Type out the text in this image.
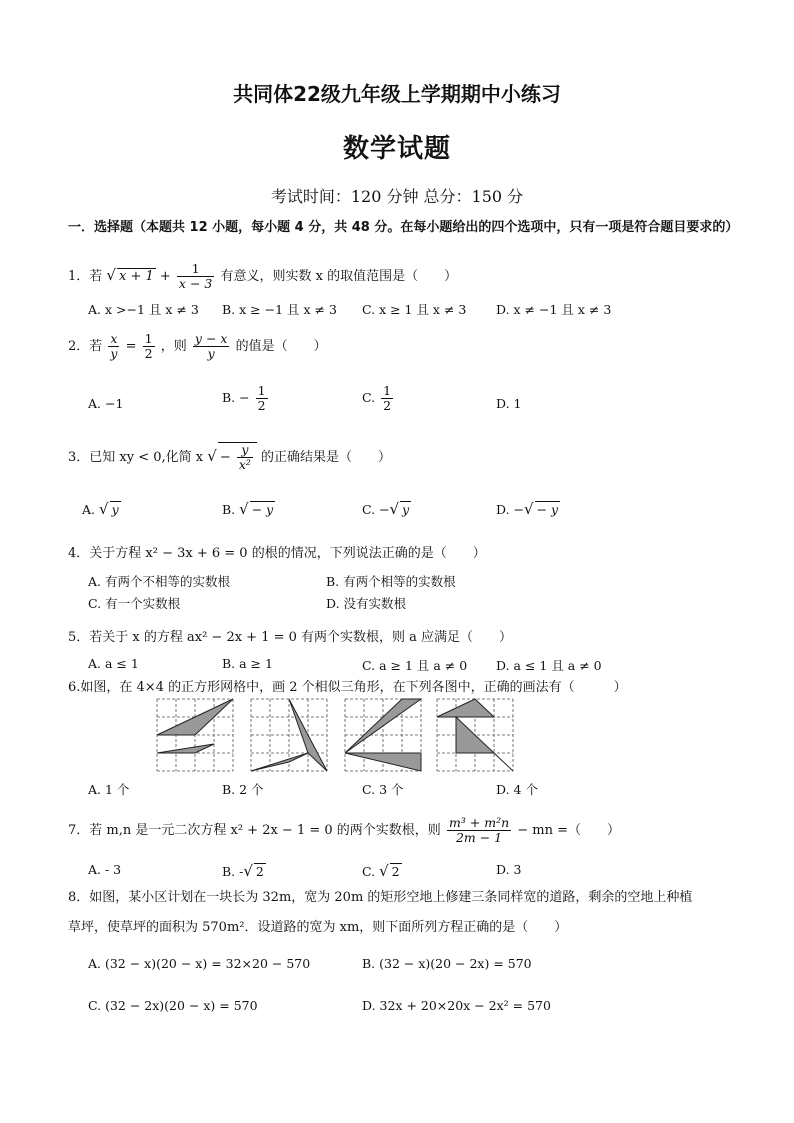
共同体22级九年级上学期期中小练习
数学试题
考试时间：120 分钟 总分：150 分
一．选择题（本题共 12 小题，每小题 4 分，共 48 分。在每小题给出的四个选项中，只有一项是符合题目要求的）
1．若 √ $x + 1 + \frac{1}{x - 3}$ 有意义，则实数 x 的取值范围是（　　）
A. x >−1 且 x ≠ 3 B. x ≥ −1 且 x ≠ 3 C. x ≥ 1 且 x ≠ 3 D. x ≠ −1 且 x ≠ 3
2．若 $\frac{x}{y} = \frac{1}{2}$ ，则 $\frac{y - x}{y}$ 的值是（　　）
A. −1	B. − $\frac{1}{2}$	C. $\frac{1}{2}$	D. 1
3．已知 xy < 0,化简 x √ − $\frac{y}{\text{x²}}$ 的正确结果是（　　）
A. √ y	B. √ − y	C. −√ y	D. −√ − y
4．关于方程 x² − 3x + 6 = 0 的根的情况，下列说法正确的是（　　）
A. 有两个不相等的实数根	B. 有两个相等的实数根
C. 有一个实数根	D. 没有实数根
5．若关于 x 的方程 ax² − 2x + 1 = 0 有两个实数根，则 a 应满足（　　）
A. a ≤ 1	B. a ≥ 1	C. a ≥ 1 且 a ≠ 0 D. a ≤ 1 且 a ≠ 0
6.如图，在 4×4 的正方形网格中，画 2 个相似三角形，在下列各图中，正确的画法有（　　　）
A. 1 个	B. 2 个	C. 3 个	D. 4 个
7．若 m,n 是一元二次方程 x² + 2x − 1 = 0 的两个实数根，则 $\frac{\text{m³ + m²n}}{2m - 1}$ − mn =（　　）
A. - 3	B. -√ 2	C. √ 2	D. 3
8．如图，某小区计划在一块长为 32m，宽为 20m 的矩形空地上修建三条同样宽的道路，剩余的空地上种植
草坪，使草坪的面积为 570m²．设道路的宽为 xm，则下面所列方程正确的是（　　）
A. (32 − x)(20 − x) = 32×20 − 570	B. (32 − x)(20 − 2x) = 570
C. (32 − 2x)(20 − x) = 570	D. 32x + 20×20x − 2x² = 570
